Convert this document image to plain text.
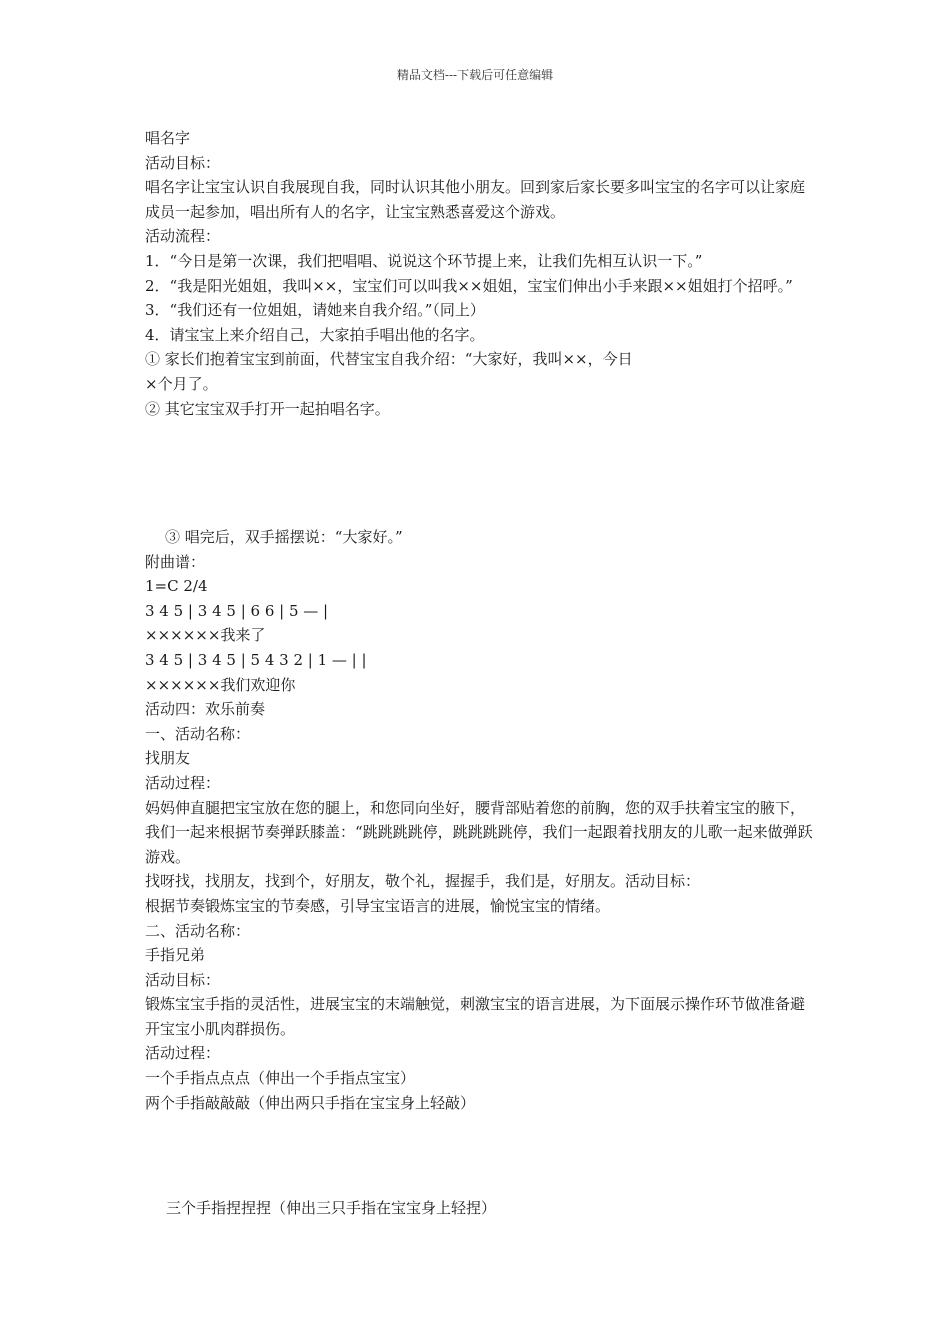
精品文档---下载后可任意编辑

唱名字

活动目标：

唱名字让宝宝认识自我展现自我，同时认识其他小朋友。回到家后家长要多叫宝宝的名字可以让家庭成员一起参加，唱出所有人的名字，让宝宝熟悉喜爱这个游戏。

活动流程：

1．“今日是第一次课，我们把唱唱、说说这个环节提上来，让我们先相互认识一下。”

2．“我是阳光姐姐，我叫××，宝宝们可以叫我××姐姐，宝宝们伸出小手来跟××姐姐打个招呼。”

3．“我们还有一位姐姐，请她来自我介绍。”（同上）

4．请宝宝上来介绍自己，大家拍手唱出他的名字。

① 家长们抱着宝宝到前面，代替宝宝自我介绍：“大家好，我叫××，今日

×个月了。

② 其它宝宝双手打开一起拍唱名字。

③ 唱完后，双手摇摆说：“大家好。”

附曲谱：

1=C 2/4

3 4 5 | 3 4 5 | 6 6 | 5 — |

××××××我来了

3 4 5 | 3 4 5 | 5 4 3 2 | 1 — | |

××××××我们欢迎你

活动四：欢乐前奏

一、活动名称：

找朋友

活动过程：

妈妈伸直腿把宝宝放在您的腿上，和您同向坐好，腰背部贴着您的前胸，您的双手扶着宝宝的腋下，我们一起来根据节奏弹跃膝盖：“跳跳跳跳停，跳跳跳跳停，我们一起跟着找朋友的儿歌一起来做弹跃游戏。

找呀找，找朋友，找到个，好朋友，敬个礼，握握手，我们是，好朋友。活动目标：

根据节奏锻炼宝宝的节奏感，引导宝宝语言的进展，愉悦宝宝的情绪。

二、活动名称：

手指兄弟

活动目标：

锻炼宝宝手指的灵活性，进展宝宝的末端触觉，刺激宝宝的语言进展，为下面展示操作环节做准备避开宝宝小肌肉群损伤。

活动过程：

一个手指点点点（伸出一个手指点宝宝）

两个手指敲敲敲（伸出两只手指在宝宝身上轻敲）

三个手指捏捏捏（伸出三只手指在宝宝身上轻捏）
